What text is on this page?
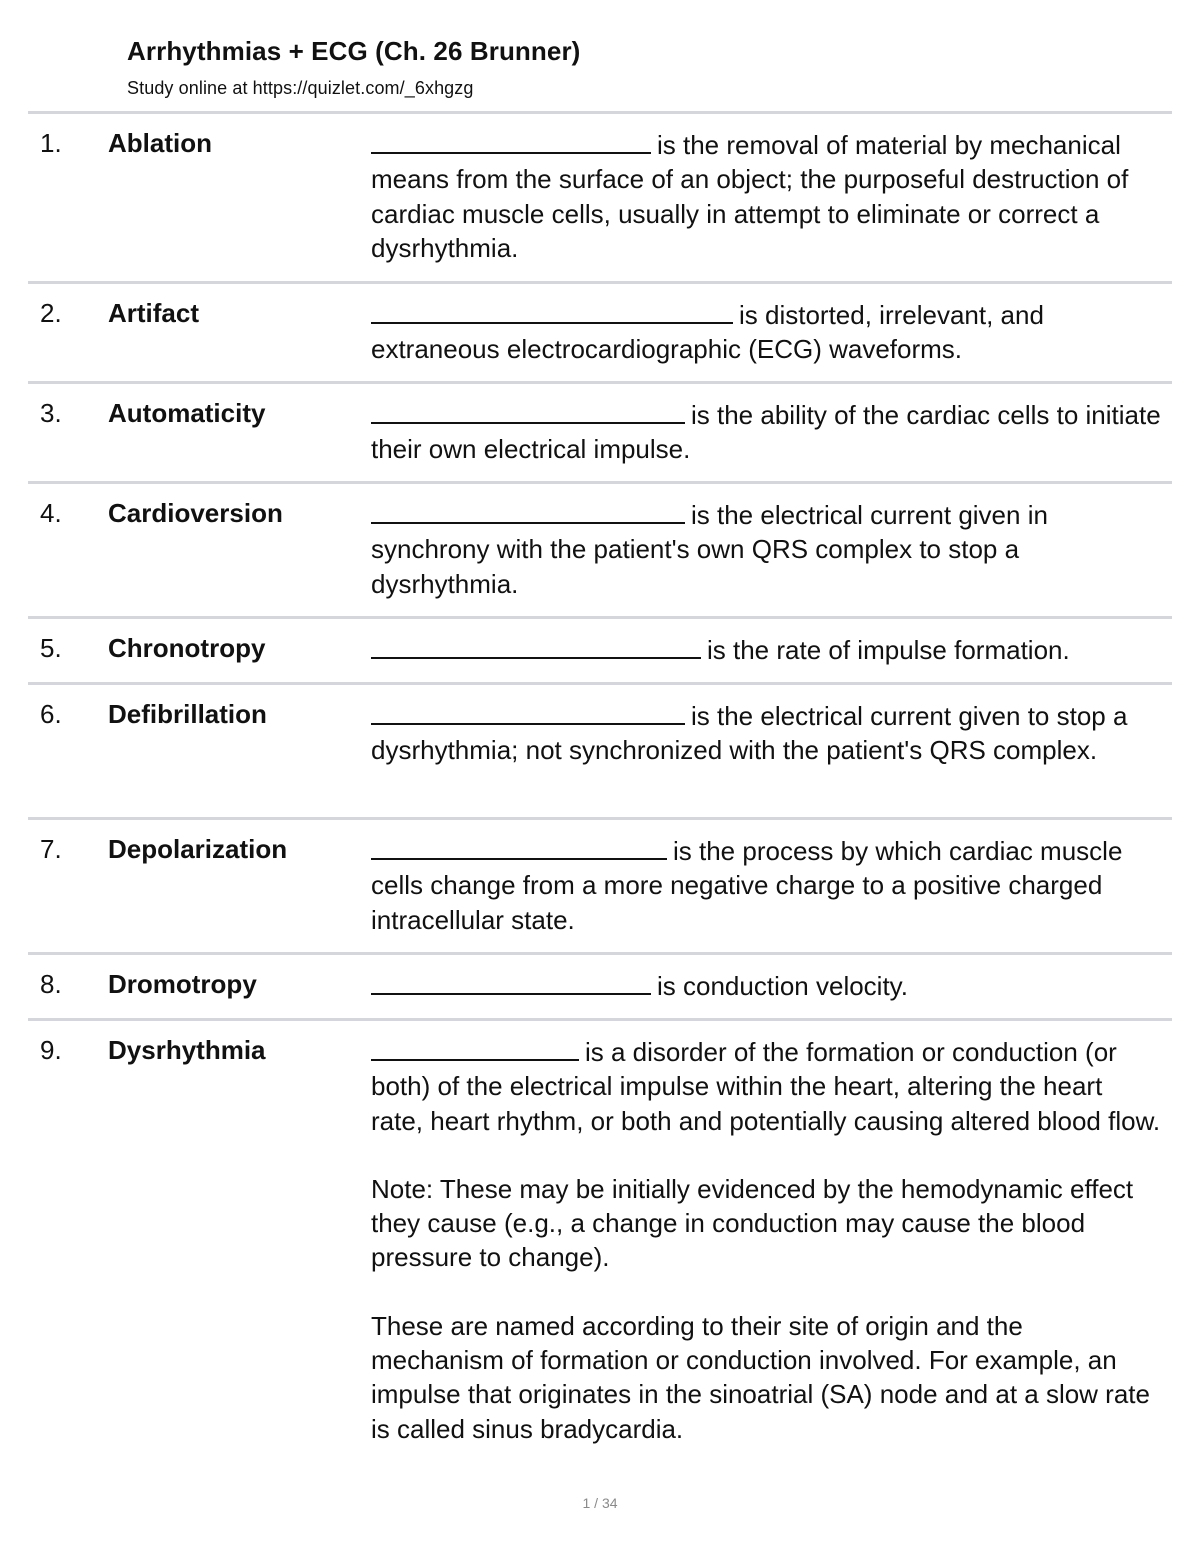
Arrhythmias + ECG (Ch. 26 Brunner)
Study online at https://quizlet.com/_6xhgzg
1. Ablation	is the removal of material by mechanical means from the surface of an object; the purposeful destruction of cardiac muscle cells, usually in attempt to eliminate or correct a dysrhythmia.

2. Artifact	is distorted, irrelevant, and extraneous electrocardiographic (ECG) waveforms.

3. Automaticity	is the ability of the cardiac cells to initiate their own electrical impulse.

4. Cardioversion	is the electrical current given in synchrony with the patient's own QRS complex to stop a dysrhythmia.

5. Chronotropy	is the rate of impulse formation.

6. Defibrillation	is the electrical current given to stop a dysrhythmia; not synchronized with the patient's QRS complex.

7. Depolarization	is the process by which cardiac muscle cells change from a more negative charge to a positive charged intracellular state.

8. Dromotropy	is conduction velocity.

9. Dysrhythmia	is a disorder of the formation or conduction (or both) of the electrical impulse within the heart, altering the heart rate, heart rhythm, or both and potentially causing altered blood flow.

Note: These may be initially evidenced by the hemodynamic effect they cause (e.g., a change in conduction may cause the blood pressure to change).

These are named according to their site of origin and the mechanism of formation or conduction involved. For example, an impulse that originates in the sinoatrial (SA) node and at a slow rate is called sinus bradycardia.

1 / 34
